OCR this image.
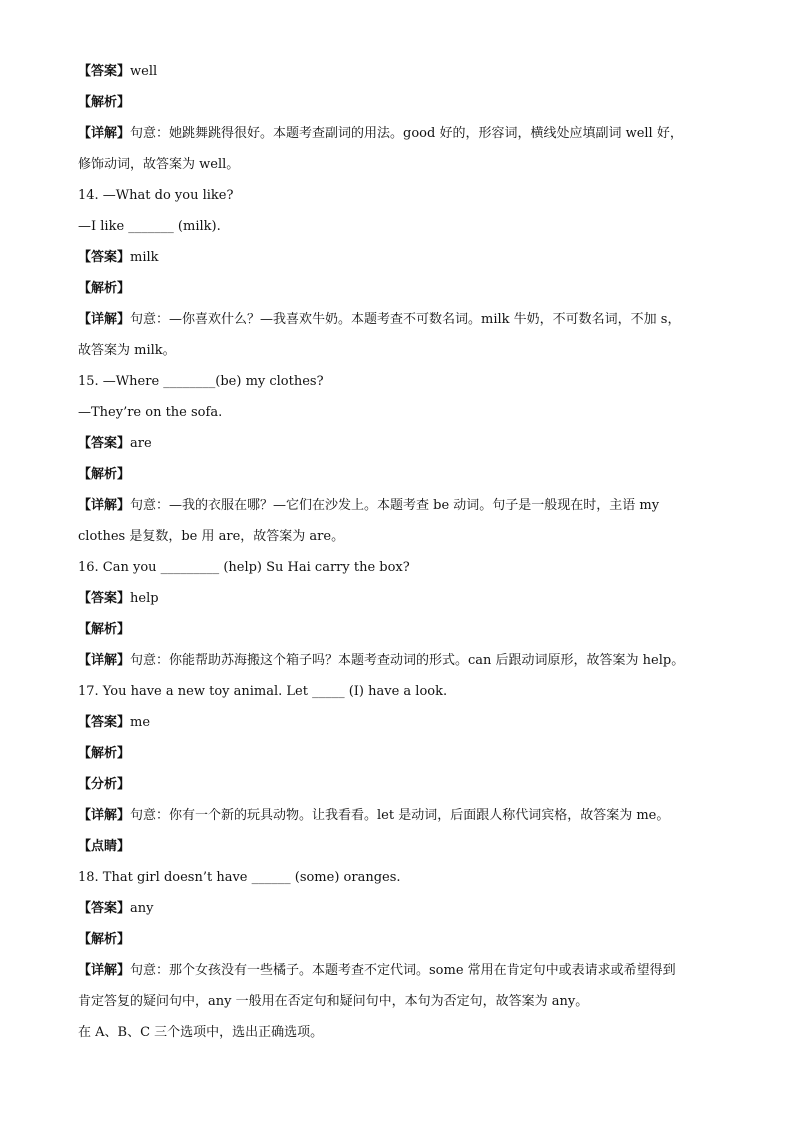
【答案】well
【解析】
【详解】句意：她跳舞跳得很好。本题考查副词的用法。good 好的，形容词，横线处应填副词 well 好，
修饰动词，故答案为 well。
14. —What do you like?
—I like _______ (milk).
【答案】milk
【解析】
【详解】句意：—你喜欢什么？—我喜欢牛奶。本题考查不可数名词。milk 牛奶，不可数名词，不加 s，
故答案为 milk。
15. —Where ________(be) my clothes?
—They’re on the sofa.
【答案】are
【解析】
【详解】句意：—我的衣服在哪？—它们在沙发上。本题考查 be 动词。句子是一般现在时，主语 my
clothes 是复数，be 用 are，故答案为 are。
16. Can you _________ (help) Su Hai carry the box?
【答案】help
【解析】
【详解】句意：你能帮助苏海搬这个箱子吗？本题考查动词的形式。can 后跟动词原形，故答案为 help。
17. You have a new toy animal. Let _____ (I) have a look.
【答案】me
【解析】
【分析】
【详解】句意：你有一个新的玩具动物。让我看看。let 是动词，后面跟人称代词宾格，故答案为 me。
【点睛】
18. That girl doesn’t have ______ (some) oranges.
【答案】any
【解析】
【详解】句意：那个女孩没有一些橘子。本题考查不定代词。some 常用在肯定句中或表请求或希望得到
肯定答复的疑问句中，any 一般用在否定句和疑问句中，本句为否定句，故答案为 any。
在 A、B、C 三个选项中，选出正确选项。
